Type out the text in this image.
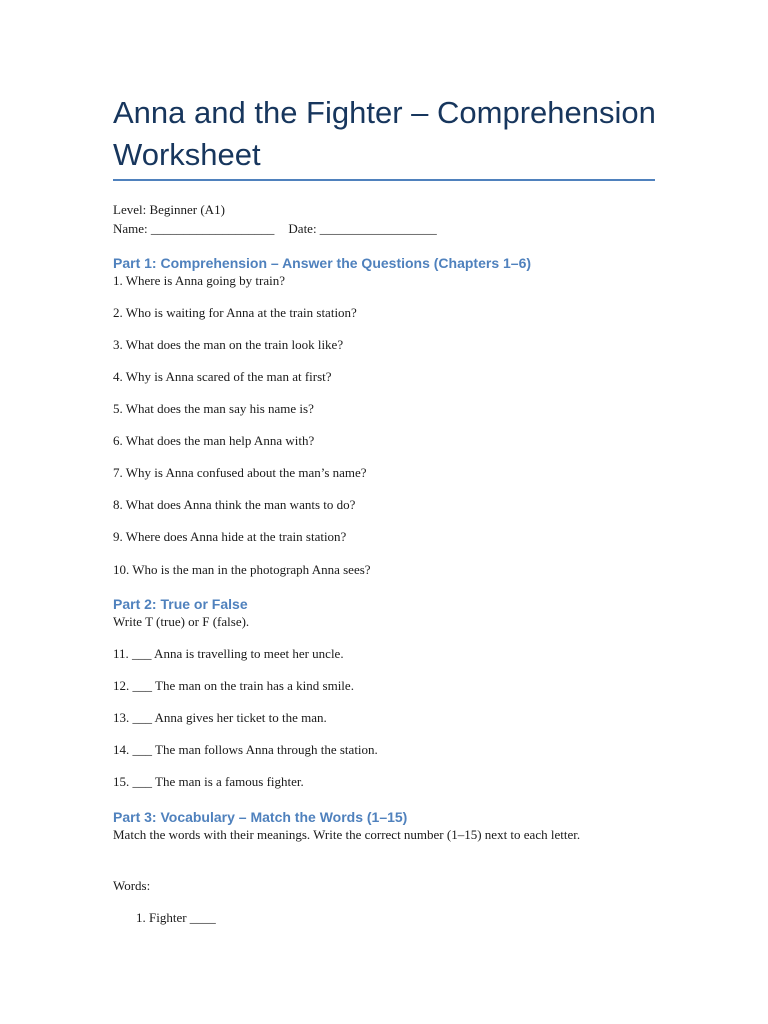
Anna and the Fighter – Comprehension Worksheet
Level: Beginner (A1)
Name: ___________________ Date: __________________
Part 1: Comprehension – Answer the Questions (Chapters 1–6)
1. Where is Anna going by train?
2. Who is waiting for Anna at the train station?
3. What does the man on the train look like?
4. Why is Anna scared of the man at first?
5. What does the man say his name is?
6. What does the man help Anna with?
7. Why is Anna confused about the man’s name?
8. What does Anna think the man wants to do?
9. Where does Anna hide at the train station?
10. Who is the man in the photograph Anna sees?
Part 2: True or False
Write T (true) or F (false).
11. ___ Anna is travelling to meet her uncle.
12. ___ The man on the train has a kind smile.
13. ___ Anna gives her ticket to the man.
14. ___ The man follows Anna through the station.
15. ___ The man is a famous fighter.
Part 3: Vocabulary – Match the Words (1–15)
Match the words with their meanings. Write the correct number (1–15) next to each letter.
Words:
1. Fighter ____
